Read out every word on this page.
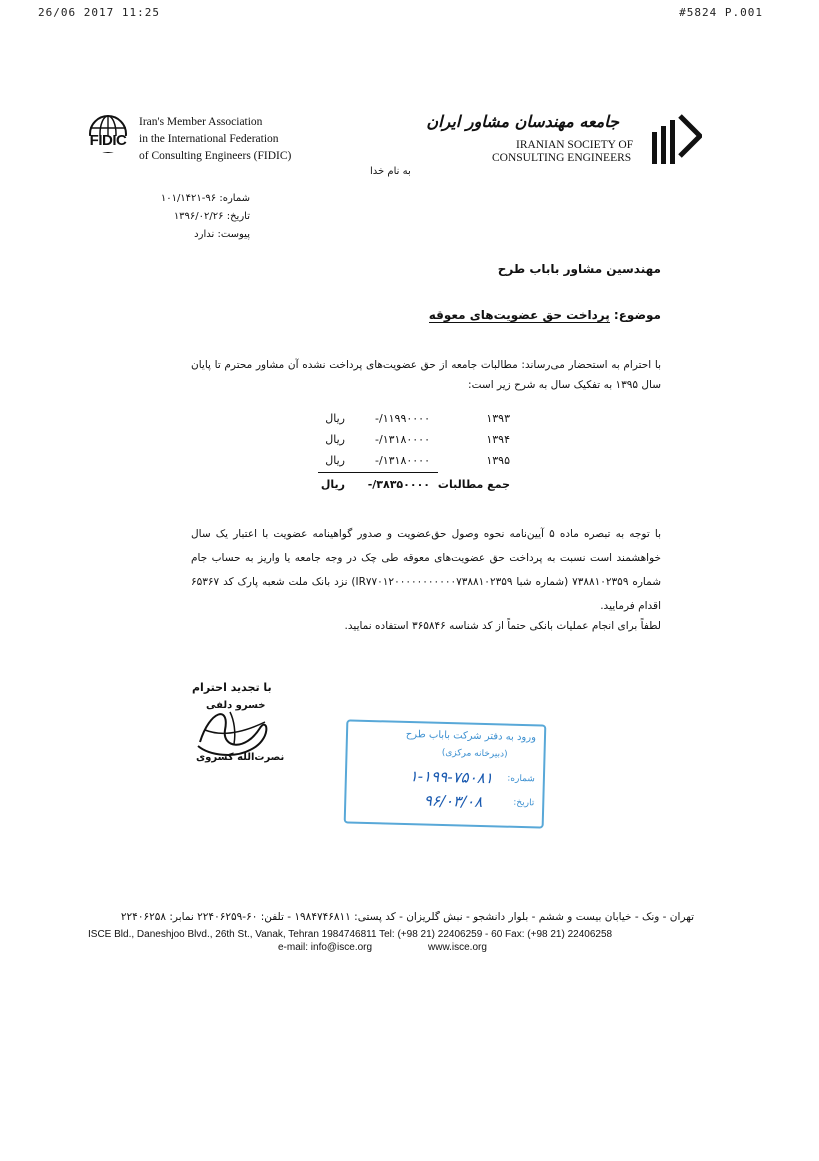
26/06 2017 11:25	#5824 P.001
FIDIC
Iran's Member Association
in the International Federation
of Consulting Engineers (FIDIC)
جامعه مهندسان مشاور ایران
IRANIAN SOCIETY OF
CONSULTING ENGINEERS
به نام خدا
شماره: ۹۶-۱۰۱/۱۴۲۱
تاریخ: ۱۳۹۶/۰۲/۲۶
پیوست: ندارد
مهندسین مشاور باباب طرح
موضوع: پرداخت حق عضویت‌های معوقه
با احترام به استحضار می‌رساند: مطالبات جامعه از حق عضویت‌های پرداخت نشده آن مشاور محترم تا پایان سال ۱۳۹۵ به تفکیک سال به شرح زیر است:
۱۳۹۳
۱۱۹۹۰۰۰۰/-
ریال
۱۳۹۴
۱۳۱۸۰۰۰۰/-
ریال
۱۳۹۵
۱۳۱۸۰۰۰۰/-
ریال
جمع مطالبات
۳۸۳۵۰۰۰۰/-
ریال
با توجه به تبصره ماده ۵ آیین‌نامه نحوه وصول حق‌عضویت و صدور گواهینامه عضویت با اعتبار یک سال خواهشمند است نسبت به پرداخت حق عضویت‌های معوقه طی چک در وجه جامعه یا واریز به حساب جام شماره ۷۳۸۸۱۰۲۳۵۹ (شماره شبا IR۷۷۰۱۲۰۰۰۰۰۰۰۰۰۰۰۷۳۸۸۱۰۲۳۵۹) نزد بانک ملت شعبه پارک کد ۶۵۳۶۷ اقدام فرمایید.
لطفاً برای انجام عملیات بانکی حتماً از کد شناسه ۳۶۵۸۴۶ استفاده نمایید.
با تجدید احترام
خسرو دلفی
نصرت‌الله کسروی
ورود به دفتر شرکت باباب طرح
(دبیرخانه مرکزی)
شماره:
۱-۱۹۹-۷۵۰۸۱
تاریخ:
۹۶/۰۳/۰۸
تهران - ونک - خیابان بیست و ششم - بلوار دانشجو - نبش گلریزان - کد پستی: ۱۹۸۴۷۴۶۸۱۱ - تلفن: ۶۰-۲۲۴۰۶۲۵۹ نمابر: ۲۲۴۰۶۲۵۸
ISCE Bld., Daneshjoo Blvd., 26th St., Vanak, Tehran 1984746811 Tel: (+98 21) 22406259 - 60 Fax: (+98 21) 22406258
e-mail: info@isce.org	www.isce.org
